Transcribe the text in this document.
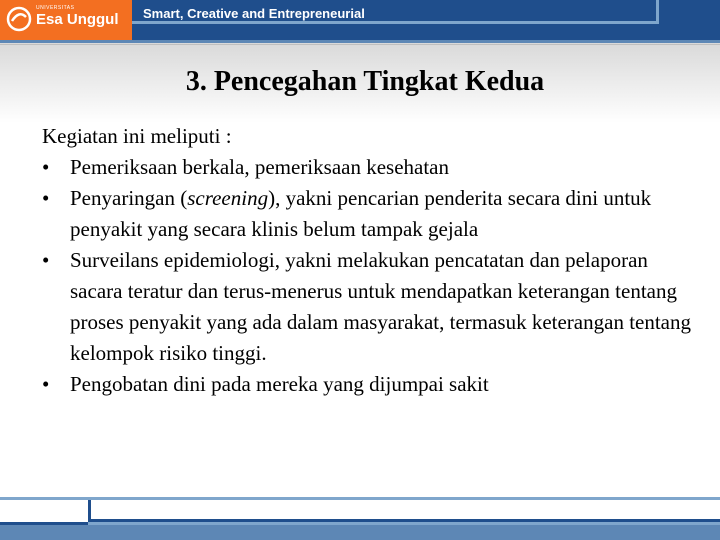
UNIVERSITAS
Esa Unggul Smart, Creative and Entrepreneurial
3. Pencegahan Tingkat Kedua

Kegiatan ini meliputi :

• Pemeriksaan berkala, pemeriksaan kesehatan
• Penyaringan (screening), yakni pencarian penderita secara dini untuk penyakit yang secara klinis belum tampak gejala
• Surveilans epidemiologi, yakni melakukan pencatatan dan pelaporan sacara teratur dan terus-menerus untuk mendapatkan keterangan tentang proses penyakit yang ada dalam masyarakat, termasuk keterangan tentang kelompok risiko tinggi.
• Pengobatan dini pada mereka yang dijumpai sakit
